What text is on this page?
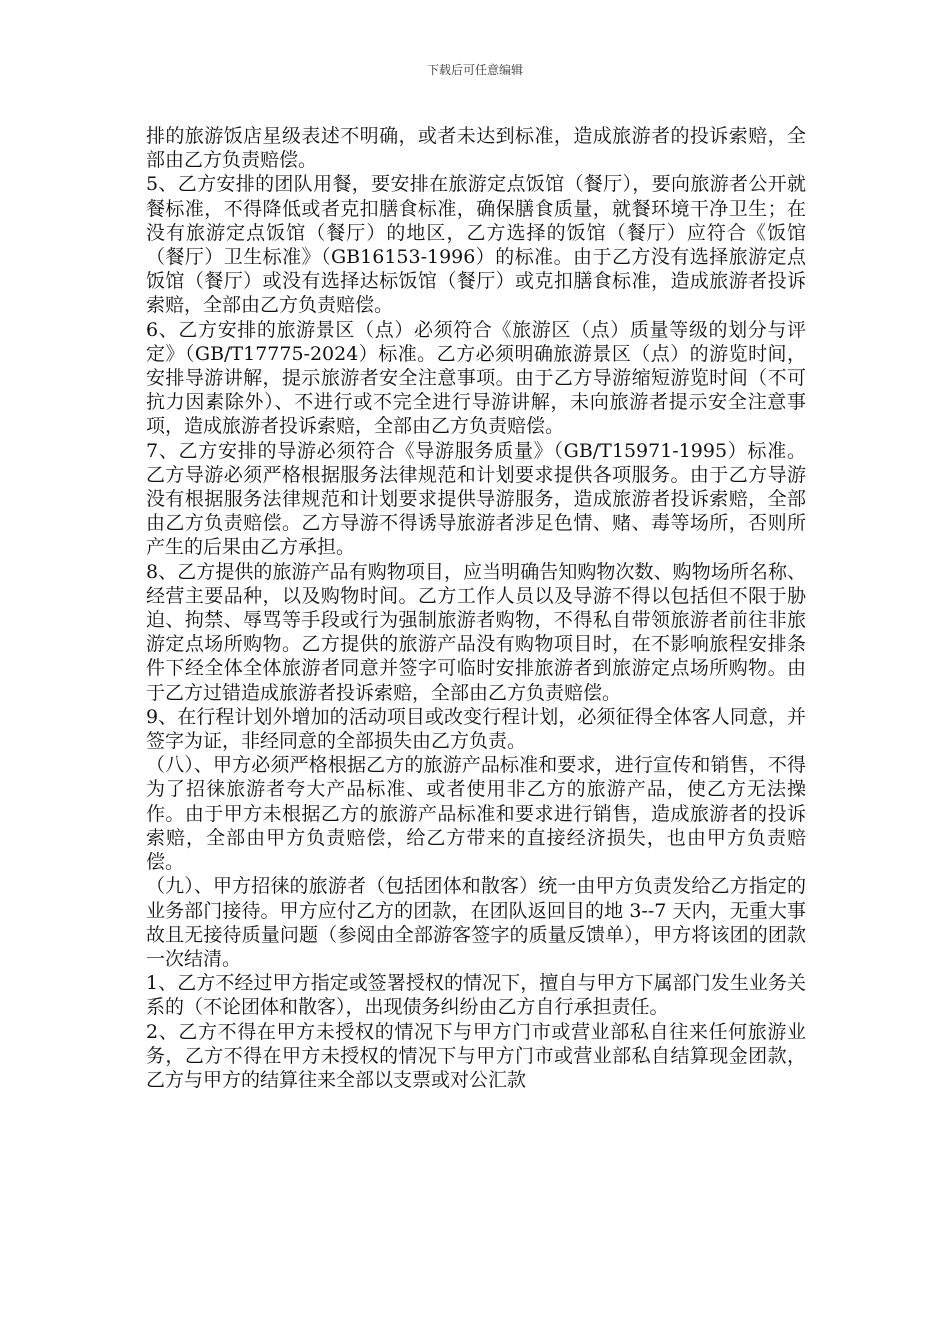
下载后可任意编辑

排的旅游饭店星级表述不明确，或者未达到标准，造成旅游者的投诉索赔，全部由乙方负责赔偿。

5、乙方安排的团队用餐，要安排在旅游定点饭馆（餐厅），要向旅游者公开就餐标准，不得降低或者克扣膳食标准，确保膳食质量，就餐环境干净卫生；在没有旅游定点饭馆（餐厅）的地区，乙方选择的饭馆（餐厅）应符合《饭馆（餐厅）卫生标准》（GB16153-1996）的标准。由于乙方没有选择旅游定点饭馆（餐厅）或没有选择达标饭馆（餐厅）或克扣膳食标准，造成旅游者投诉索赔，全部由乙方负责赔偿。

6、乙方安排的旅游景区（点）必须符合《旅游区（点）质量等级的划分与评定》（GB/T17775-2024）标准。乙方必须明确旅游景区（点）的游览时间，安排导游讲解，提示旅游者安全注意事项。由于乙方导游缩短游览时间（不可抗力因素除外）、不进行或不完全进行导游讲解，未向旅游者提示安全注意事项，造成旅游者投诉索赔，全部由乙方负责赔偿。

7、乙方安排的导游必须符合《导游服务质量》（GB/T15971-1995）标准。乙方导游必须严格根据服务法律规范和计划要求提供各项服务。由于乙方导游没有根据服务法律规范和计划要求提供导游服务，造成旅游者投诉索赔，全部由乙方负责赔偿。乙方导游不得诱导旅游者涉足色情、赌、毒等场所，否则所产生的后果由乙方承担。

8、乙方提供的旅游产品有购物项目，应当明确告知购物次数、购物场所名称、经营主要品种，以及购物时间。乙方工作人员以及导游不得以包括但不限于胁迫、拘禁、辱骂等手段或行为强制旅游者购物，不得私自带领旅游者前往非旅游定点场所购物。乙方提供的旅游产品没有购物项目时，在不影响旅程安排条件下经全体全体旅游者同意并签字可临时安排旅游者到旅游定点场所购物。由于乙方过错造成旅游者投诉索赔，全部由乙方负责赔偿。

9、在行程计划外增加的活动项目或改变行程计划，必须征得全体客人同意，并签字为证，非经同意的全部损失由乙方负责。

（八）、甲方必须严格根据乙方的旅游产品标准和要求，进行宣传和销售，不得为了招徕旅游者夸大产品标准、或者使用非乙方的旅游产品，使乙方无法操作。由于甲方未根据乙方的旅游产品标准和要求进行销售，造成旅游者的投诉索赔，全部由甲方负责赔偿，给乙方带来的直接经济损失，也由甲方负责赔偿。

（九）、甲方招徕的旅游者（包括团体和散客）统一由甲方负责发给乙方指定的业务部门接待。甲方应付乙方的团款，在团队返回目的地 3--7 天内，无重大事故且无接待质量问题（参阅由全部游客签字的质量反馈单），甲方将该团的团款一次结清。

1、乙方不经过甲方指定或签署授权的情况下，擅自与甲方下属部门发生业务关系的（不论团体和散客），出现债务纠纷由乙方自行承担责任。

2、乙方不得在甲方未授权的情况下与甲方门市或营业部私自往来任何旅游业务，乙方不得在甲方未授权的情况下与甲方门市或营业部私自结算现金团款，乙方与甲方的结算往来全部以支票或对公汇款
